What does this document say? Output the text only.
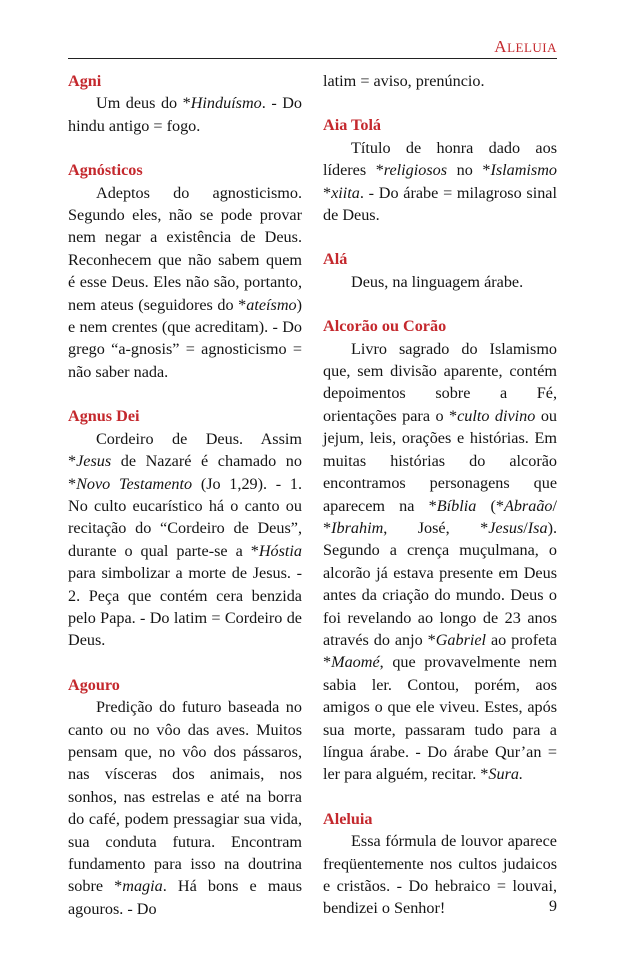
ALELUIA
Agni
Um deus do *Hinduísmo. - Do hindu antigo = fogo.
Agnósticos
Adeptos do agnosticismo. Segundo eles, não se pode provar nem negar a existência de Deus. Reconhecem que não sabem quem é esse Deus. Eles não são, portanto, nem ateus (seguidores do *ateísmo) e nem crentes (que acreditam). - Do grego “a-gnosis” = agnosticismo = não saber nada.
Agnus Dei
Cordeiro de Deus. Assim *Jesus de Nazaré é chamado no *Novo Testamento (Jo 1,29). - 1. No culto eucarístico há o canto ou recitação do “Cordeiro de Deus”, durante o qual parte-se a *Hóstia para simbolizar a morte de Jesus. - 2. Peça que contém cera benzida pelo Papa. - Do latim = Cordeiro de Deus.
Agouro
Predição do futuro baseada no canto ou no vôo das aves. Muitos pensam que, no vôo dos pássaros, nas vísceras dos animais, nos sonhos, nas estrelas e até na borra do café, podem pressagiar sua vida, sua conduta futura. Encontram fundamento para isso na doutrina sobre *magia. Há bons e maus agouros. - Do
latim = aviso, prenúncio.
Aia Tolá
Título de honra dado aos líderes *religiosos no *Islamismo *xiita. - Do árabe = milagroso sinal de Deus.
Alá
Deus, na linguagem árabe.
Alcorão ou Corão
Livro sagrado do Islamismo que, sem divisão aparente, contém depoimentos sobre a Fé, orientações para o *culto divino ou jejum, leis, orações e histórias. Em muitas histórias do alcorão encontramos personagens que aparecem na *Bíblia (*Abraão/ *Ibrahim, José, *Jesus/Isa). Segundo a crença muçulmana, o alcorão já estava presente em Deus antes da criação do mundo. Deus o foi revelando ao longo de 23 anos através do anjo *Gabriel ao profeta *Maomé, que provavelmente nem sabia ler. Contou, porém, aos amigos o que ele viveu. Estes, após sua morte, passaram tudo para a língua árabe. - Do árabe Qur’an = ler para alguém, recitar. *Sura.
Aleluia
Essa fórmula de louvor aparece freqüentemente nos cultos judaicos e cristãos. - Do hebraico = louvai, bendizei o Senhor!	9
